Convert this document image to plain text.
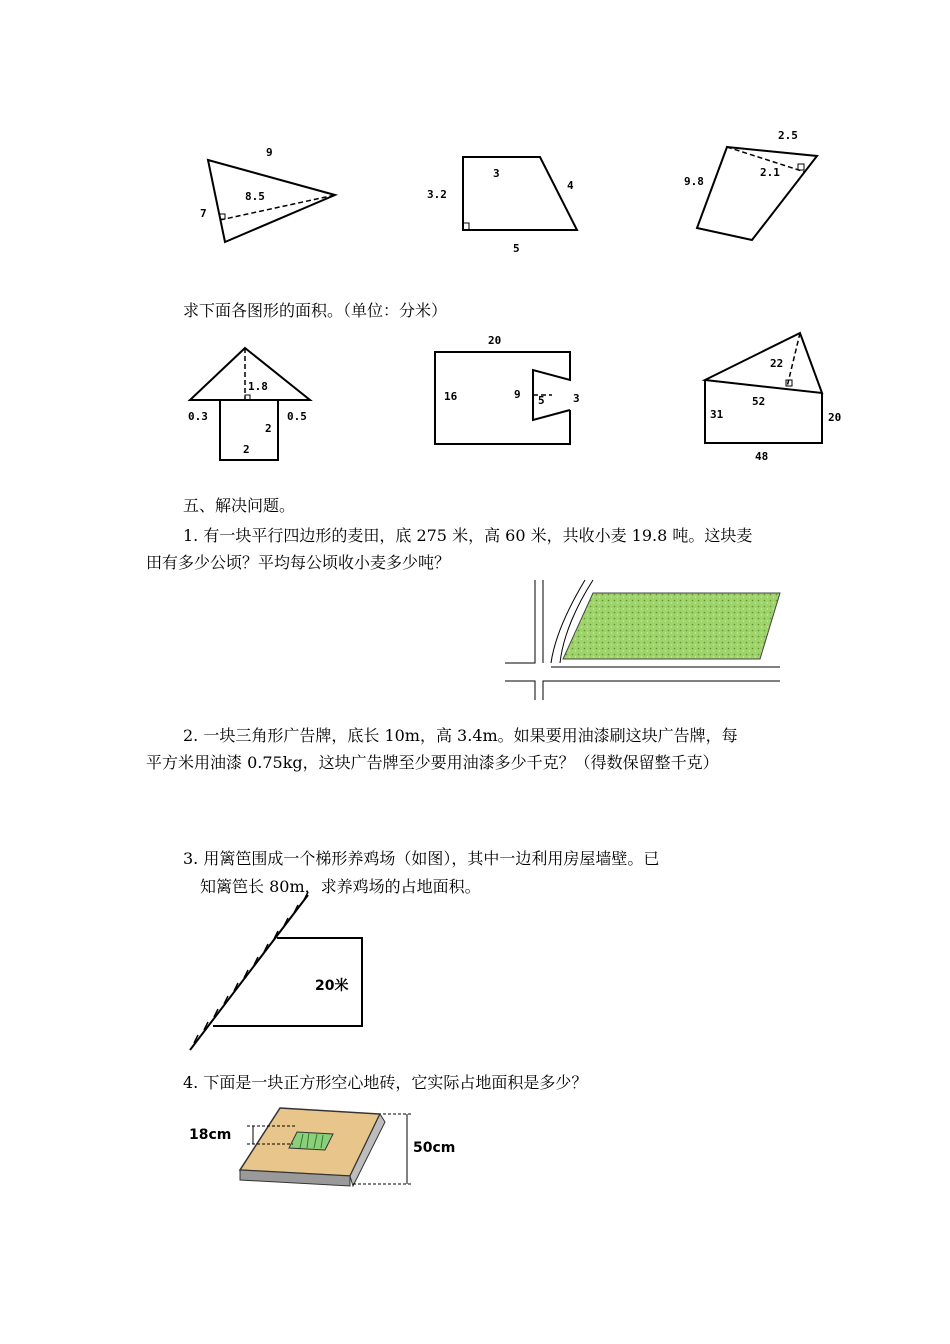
9
8.5
7
3
3.2
4
5
2.5
2.1
9.8
求下面各图形的面积。（单位：分米）
1.8
0.3	0.5
2
2
20
16	9 5	3
22
52
31	20
48
五、解决问题。
1. 有一块平行四边形的麦田，底 275 米，高 60 米，共收小麦 19.8 吨。这块麦
田有多少公顷？平均每公顷收小麦多少吨？
2. 一块三角形广告牌，底长 10m，高 3.4m。如果要用油漆刷这块广告牌，每
平方米用油漆 0.75kg，这块广告牌至少要用油漆多少千克？（得数保留整千克）
3. 用篱笆围成一个梯形养鸡场（如图），其中一边利用房屋墙壁。已
知篱笆长 80m，求养鸡场的占地面积。
20米
4. 下面是一块正方形空心地砖，它实际占地面积是多少？
18cm
50cm
